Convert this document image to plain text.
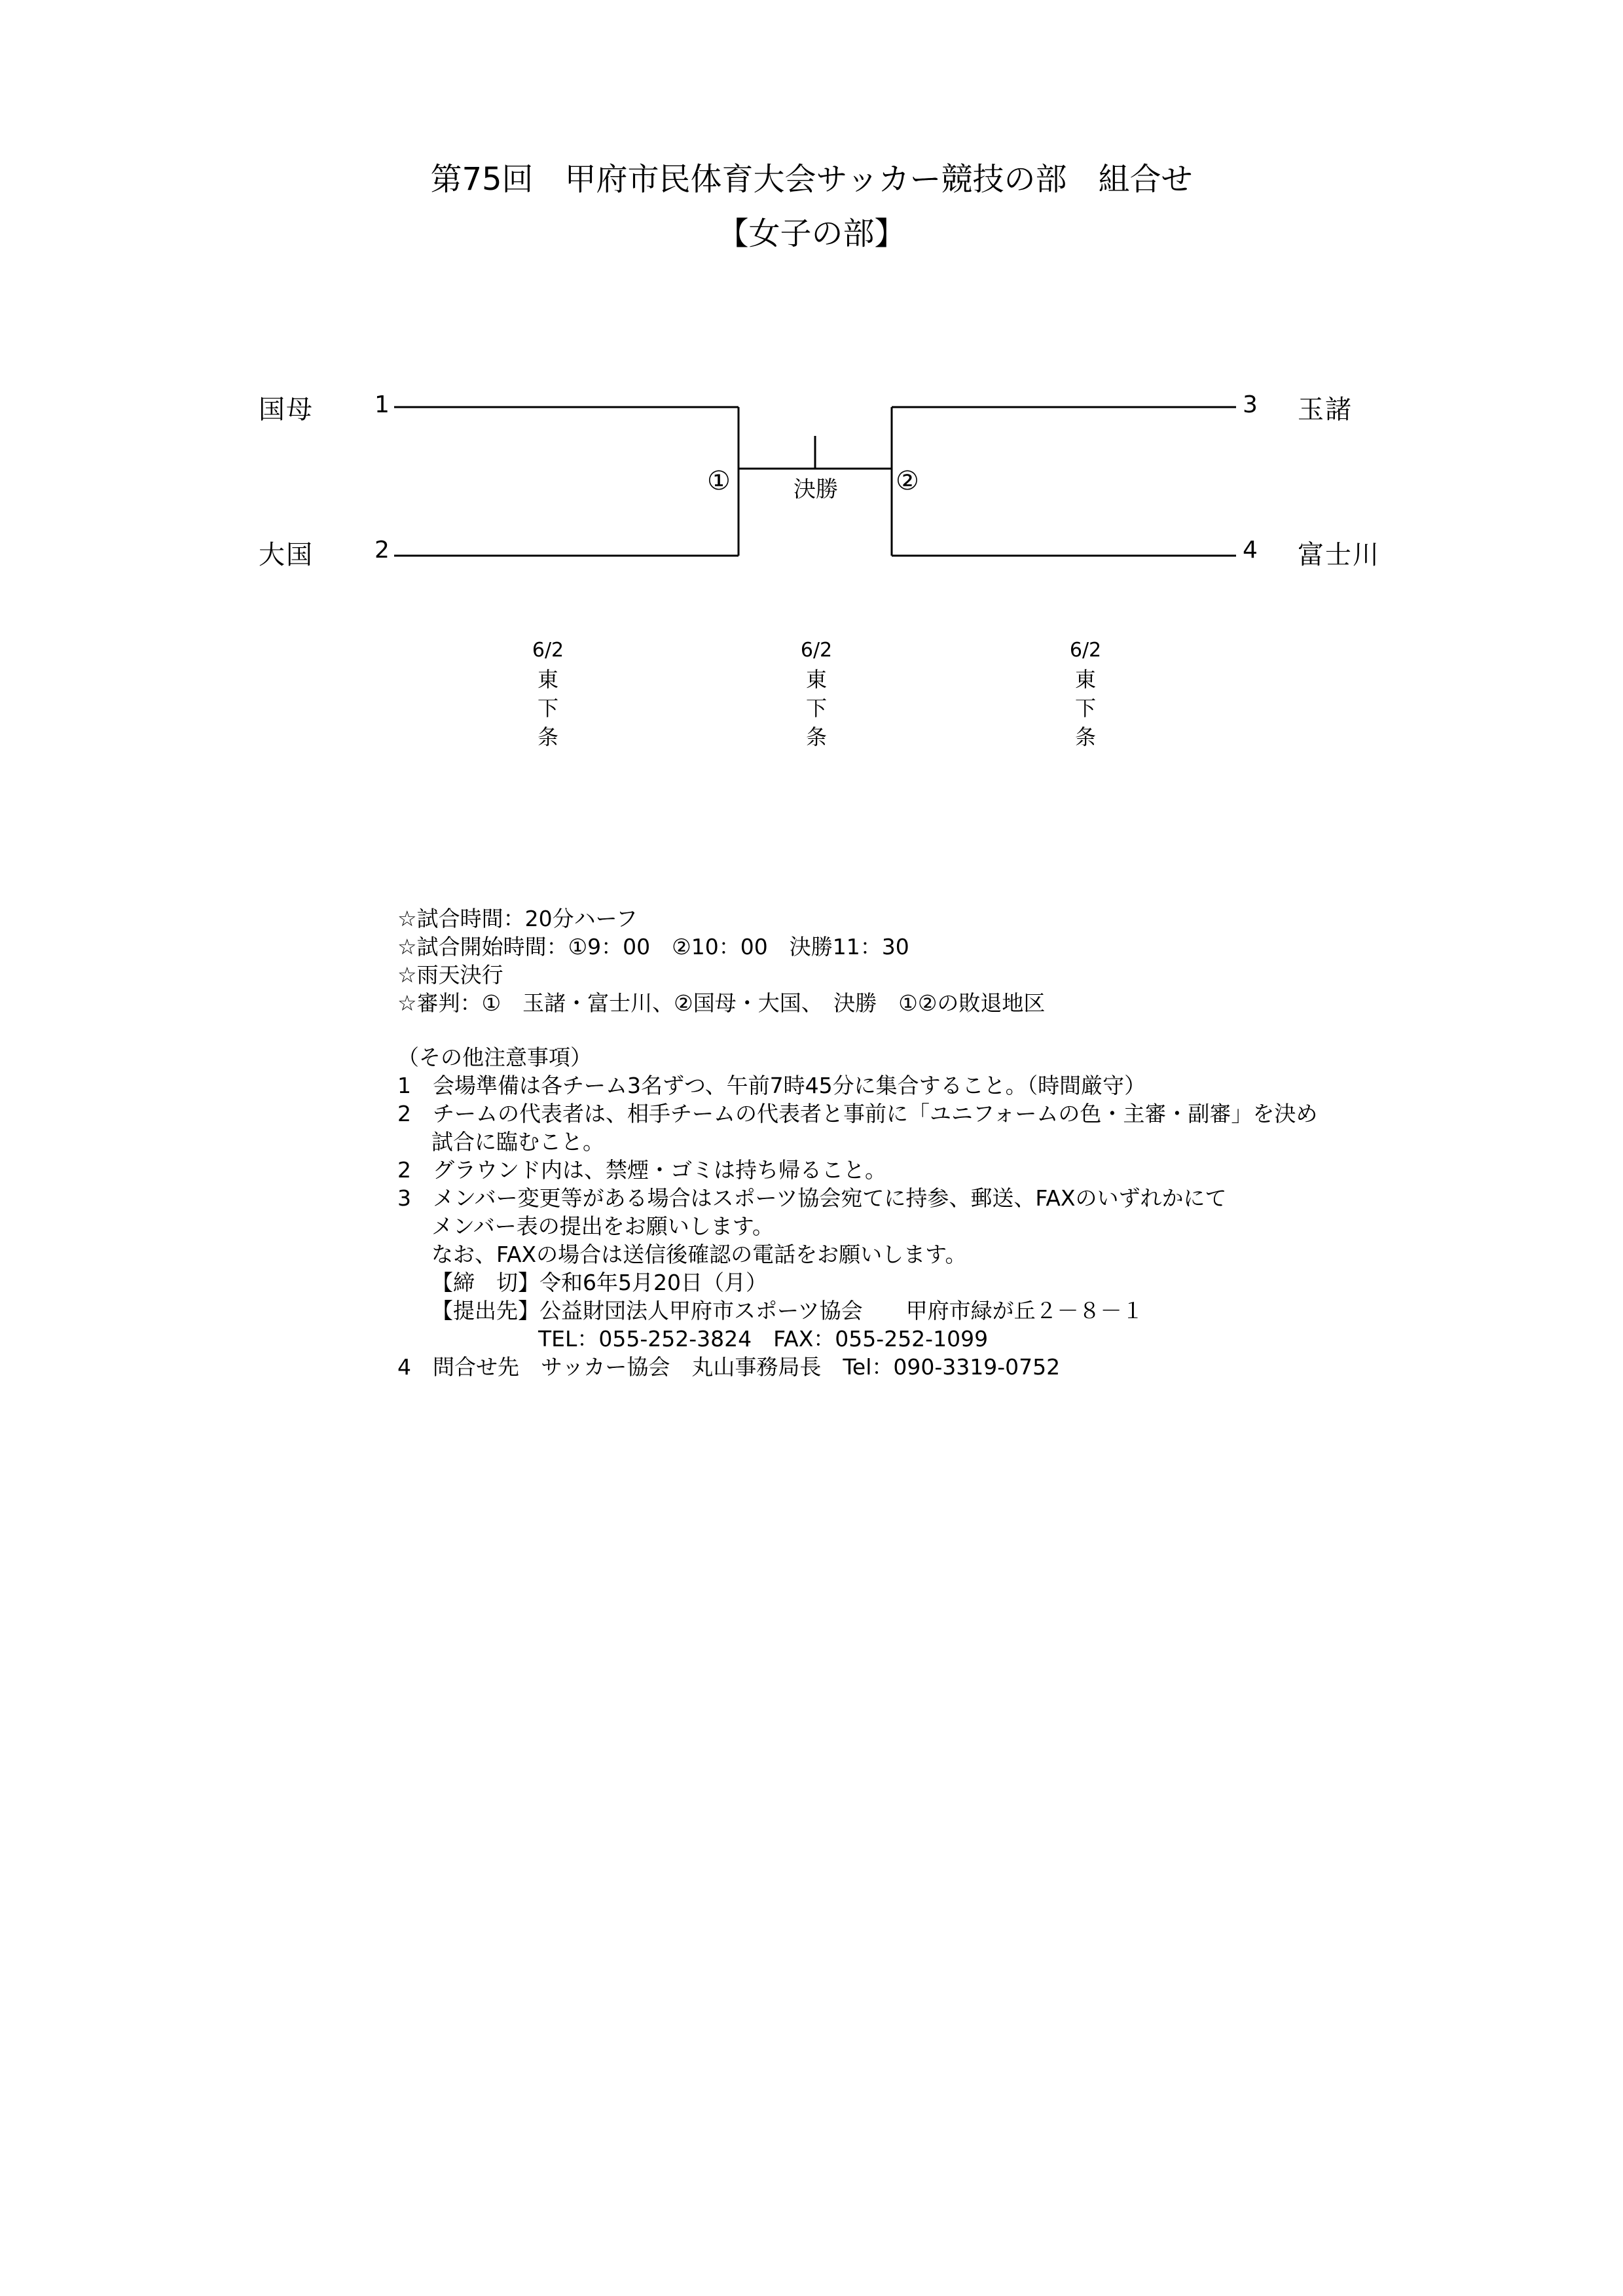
第75回　甲府市民体育大会サッカー競技の部　組合せ
【女子の部】
国母	1
大国	2
3 玉諸
4 富士川
①	②
決勝
6/2
東
下
条
6/2
東
下
条
6/2
東
下
条
☆試合時間：20分ハーフ
☆試合開始時間：①9：00　②10：00　決勝11：30
☆雨天決行
☆審判：①　玉諸・富士川、②国母・大国、　決勝　①②の敗退地区
（その他注意事項）
1　会場準備は各チーム3名ずつ、午前7時45分に集合すること。（時間厳守）
2　チームの代表者は、相手チームの代表者と事前に「ユニフォームの色・主審・副審」を決め
試合に臨むこと。
2　グラウンド内は、禁煙・ゴミは持ち帰ること。
3　メンバー変更等がある場合はスポーツ協会宛てに持参、郵送、FAXのいずれかにて
メンバー表の提出をお願いします。
なお、FAXの場合は送信後確認の電話をお願いします。
【締　切】令和6年5月20日（月）
【提出先】公益財団法人甲府市スポーツ協会　　甲府市緑が丘２－８－１
TEL：055-252-3824　FAX：055-252-1099
4　問合せ先　サッカー協会　丸山事務局長　Tel：090-3319-0752
